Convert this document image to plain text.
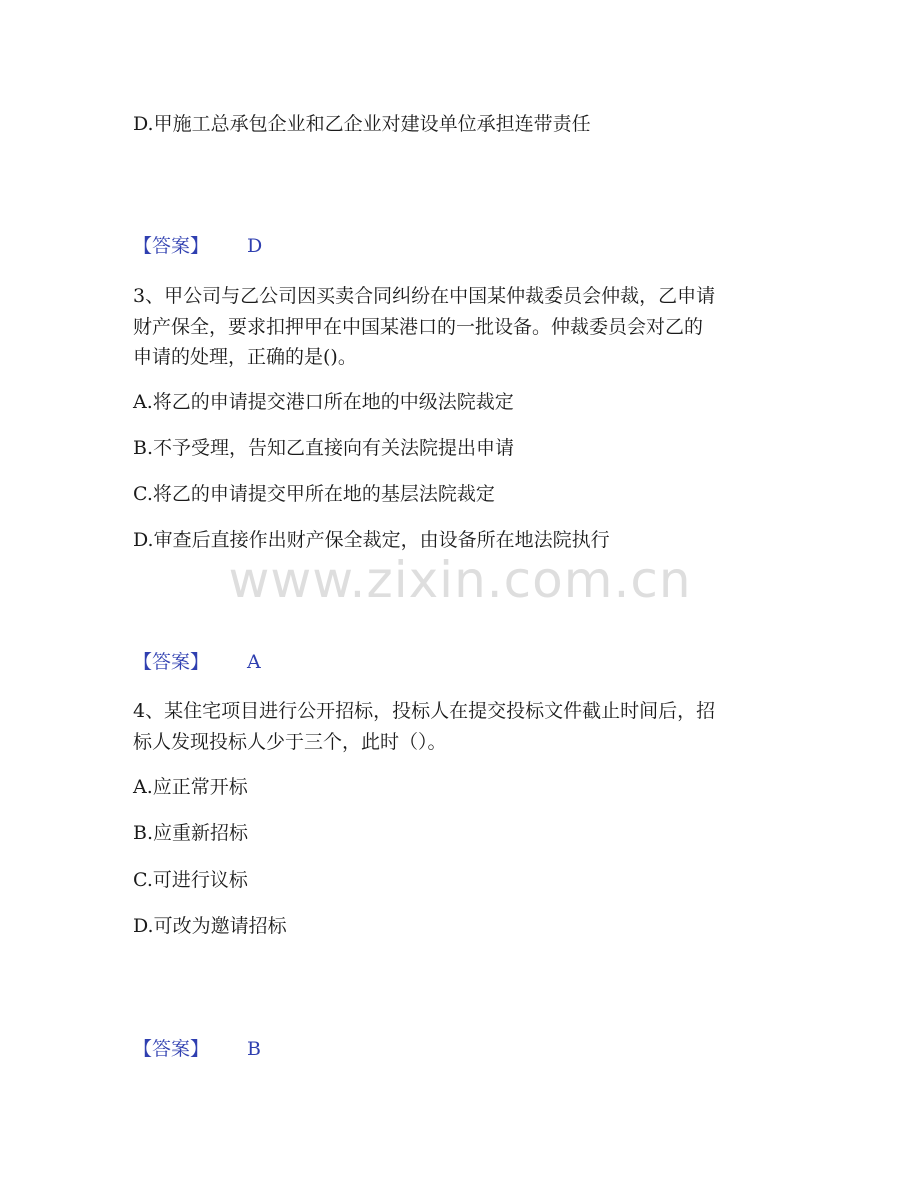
www.zixin.com.cn
D.甲施工总承包企业和乙企业对建设单位承担连带责任
【答案】 D
3、甲公司与乙公司因买卖合同纠纷在中国某仲裁委员会仲裁，乙申请
财产保全，要求扣押甲在中国某港口的一批设备。仲裁委员会对乙的
申请的处理，正确的是()。
A.将乙的申请提交港口所在地的中级法院裁定
B.不予受理，告知乙直接向有关法院提出申请
C.将乙的申请提交甲所在地的基层法院裁定
D.审查后直接作出财产保全裁定，由设备所在地法院执行
【答案】 A
4、某住宅项目进行公开招标，投标人在提交投标文件截止时间后，招
标人发现投标人少于三个，此时（）。
A.应正常开标
B.应重新招标
C.可进行议标
D.可改为邀请招标
【答案】 B
